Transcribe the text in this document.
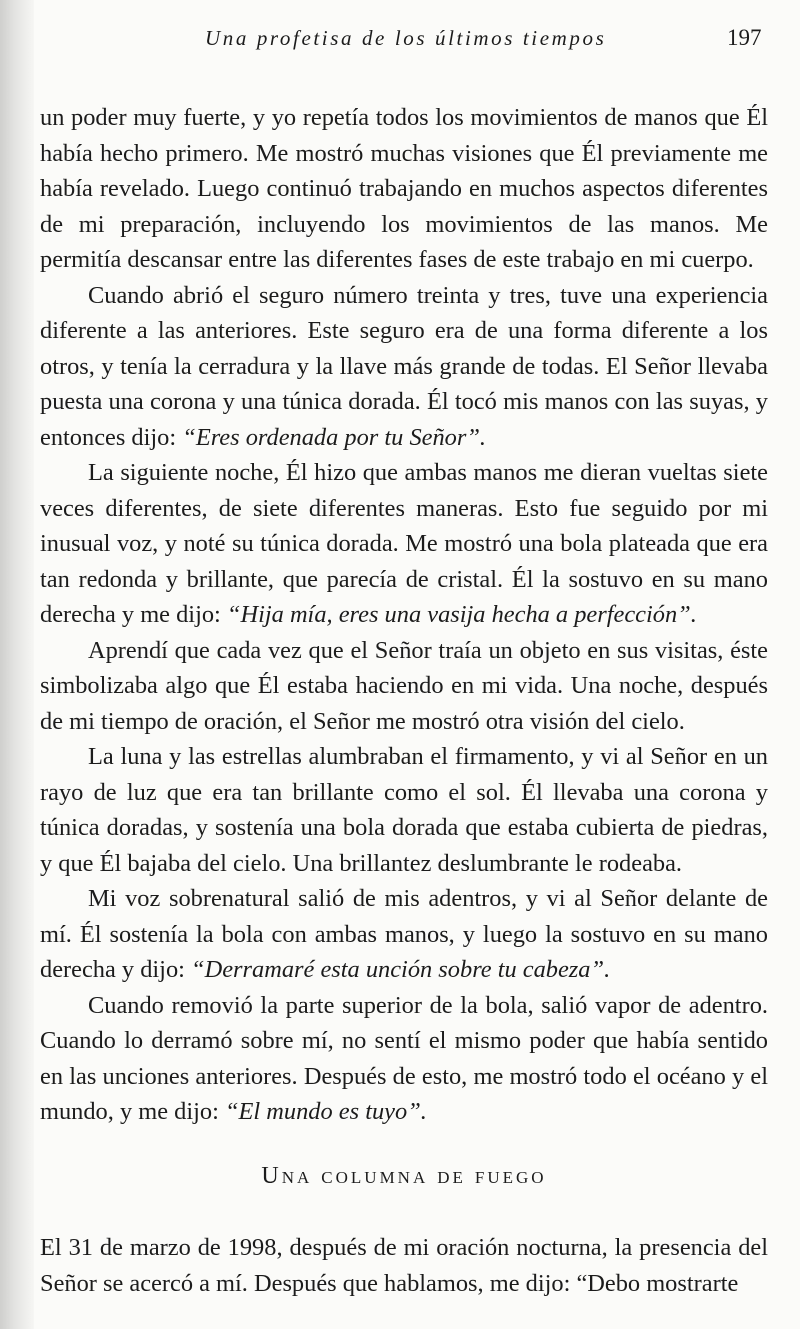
Una profetisa de los últimos tiempos	197

un poder muy fuerte, y yo repetía todos los movimientos de manos que Él había hecho primero. Me mostró muchas visiones que Él previamente me había revelado. Luego continuó trabajando en muchos aspectos diferentes de mi preparación, incluyendo los movimientos de las manos. Me permitía descansar entre las diferentes fases de este trabajo en mi cuerpo.

Cuando abrió el seguro número treinta y tres, tuve una experiencia diferente a las anteriores. Este seguro era de una forma diferente a los otros, y tenía la cerradura y la llave más grande de todas. El Señor llevaba puesta una corona y una túnica dorada. Él tocó mis manos con las suyas, y entonces dijo: “Eres ordenada por tu Señor”.

La siguiente noche, Él hizo que ambas manos me dieran vueltas siete veces diferentes, de siete diferentes maneras. Esto fue seguido por mi inusual voz, y noté su túnica dorada. Me mostró una bola plateada que era tan redonda y brillante, que parecía de cristal. Él la sostuvo en su mano derecha y me dijo: “Hija mía, eres una vasija hecha a perfección”.

Aprendí que cada vez que el Señor traía un objeto en sus visitas, éste simbolizaba algo que Él estaba haciendo en mi vida. Una noche, después de mi tiempo de oración, el Señor me mostró otra visión del cielo.

La luna y las estrellas alumbraban el firmamento, y vi al Señor en un rayo de luz que era tan brillante como el sol. Él llevaba una corona y túnica doradas, y sostenía una bola dorada que estaba cubierta de piedras, y que Él bajaba del cielo. Una brillantez deslumbrante le rodeaba.

Mi voz sobrenatural salió de mis adentros, y vi al Señor delante de mí. Él sostenía la bola con ambas manos, y luego la sostuvo en su mano derecha y dijo: “Derramaré esta unción sobre tu cabeza”.

Cuando removió la parte superior de la bola, salió vapor de adentro. Cuando lo derramó sobre mí, no sentí el mismo poder que había sentido en las unciones anteriores. Después de esto, me mostró todo el océano y el mundo, y me dijo: “El mundo es tuyo”.

Una columna de fuego

El 31 de marzo de 1998, después de mi oración nocturna, la presencia del Señor se acercó a mí. Después que hablamos, me dijo: “Debo mostrarte
